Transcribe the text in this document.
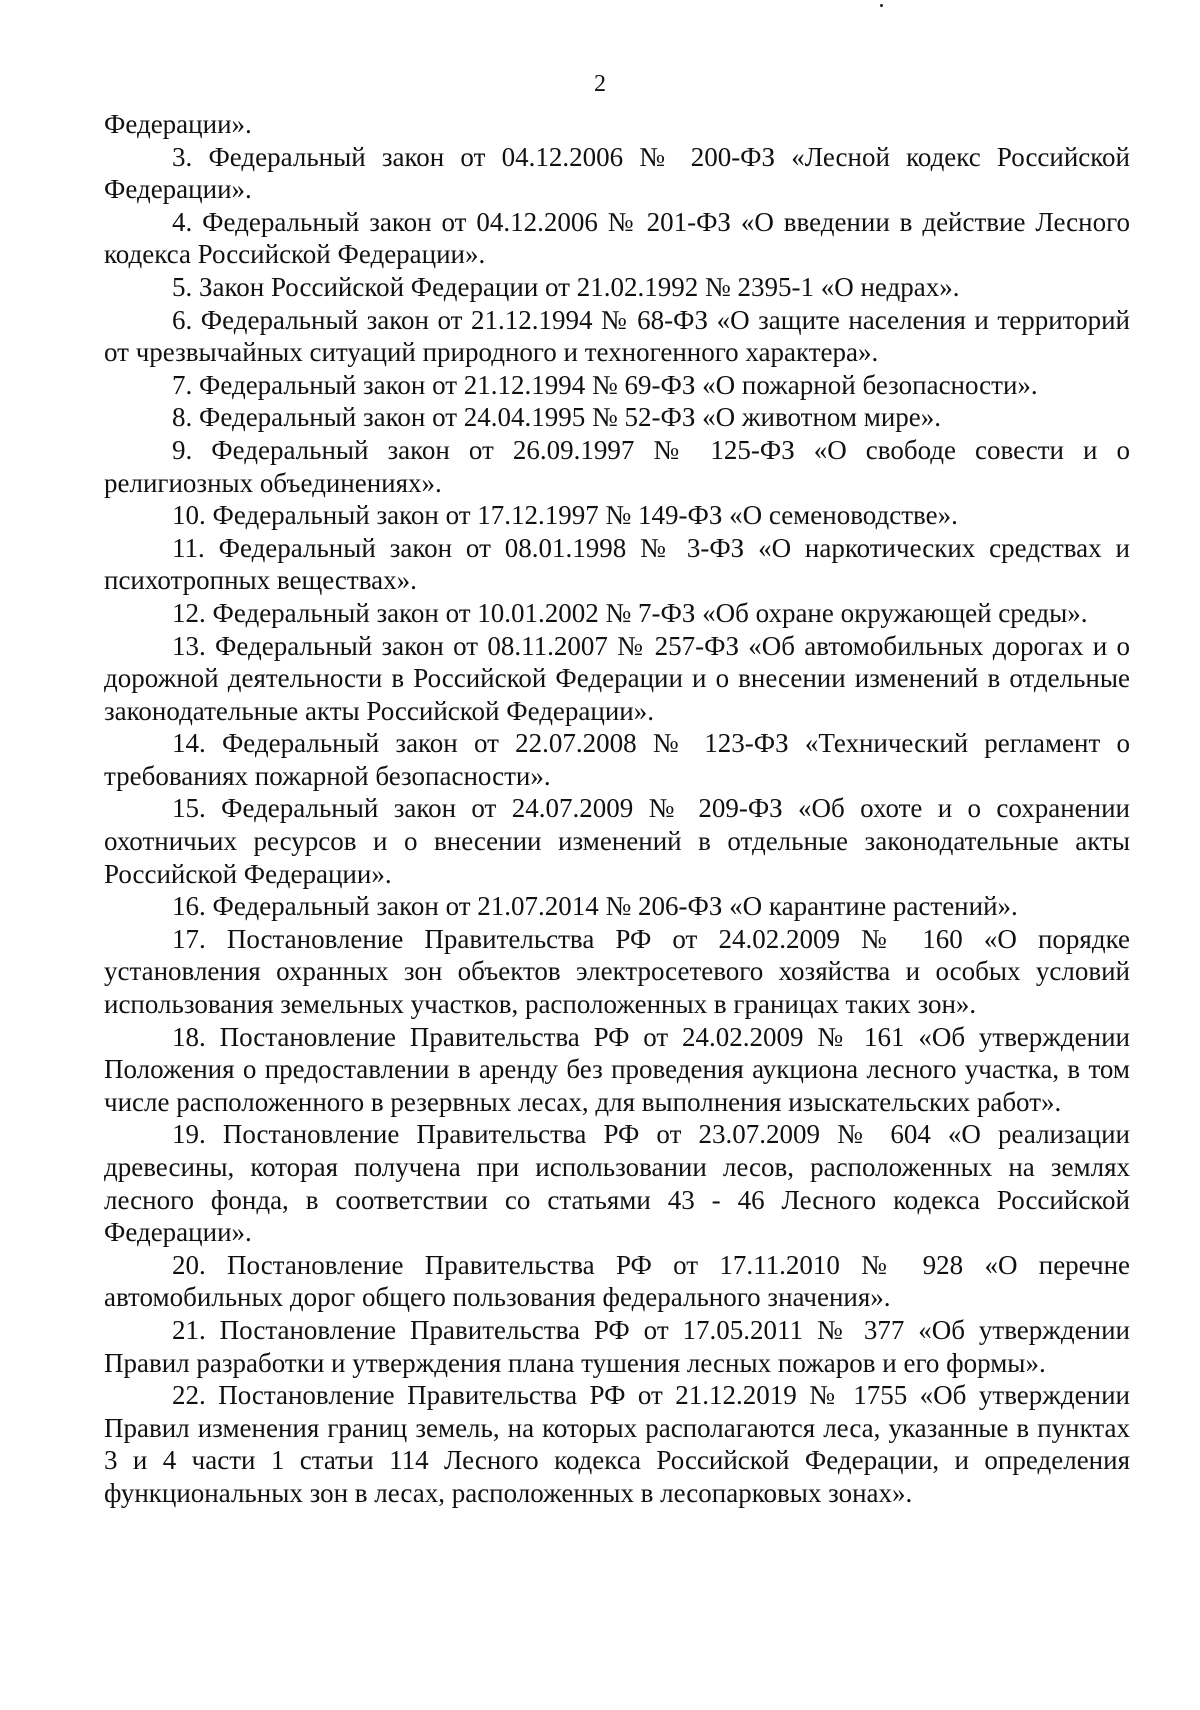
2

Федерации».

3. Федеральный закон от 04.12.2006 № 200-ФЗ «Лесной кодекс Российской Федерации».

4. Федеральный закон от 04.12.2006 № 201-ФЗ «О введении в действие Лесного кодекса Российской Федерации».

5. Закон Российской Федерации от 21.02.1992 № 2395-1 «О недрах».

6. Федеральный закон от 21.12.1994 № 68-ФЗ «О защите населения и территорий от чрезвычайных ситуаций природного и техногенного характера».

7. Федеральный закон от 21.12.1994 № 69-ФЗ «О пожарной безопасности».

8. Федеральный закон от 24.04.1995 № 52-ФЗ «О животном мире».

9. Федеральный закон от 26.09.1997 № 125-ФЗ «О свободе совести и о религиозных объединениях».

10. Федеральный закон от 17.12.1997 № 149-ФЗ «О семеноводстве».

11. Федеральный закон от 08.01.1998 № 3-ФЗ «О наркотических средствах и психотропных веществах».

12. Федеральный закон от 10.01.2002 № 7-ФЗ «Об охране окружающей среды».

13. Федеральный закон от 08.11.2007 № 257-ФЗ «Об автомобильных дорогах и о дорожной деятельности в Российской Федерации и о внесении изменений в отдельные законодательные акты Российской Федерации».

14. Федеральный закон от 22.07.2008 № 123-ФЗ «Технический регламент о требованиях пожарной безопасности».

15. Федеральный закон от 24.07.2009 № 209-ФЗ «Об охоте и о сохранении охотничьих ресурсов и о внесении изменений в отдельные законодательные акты Российской Федерации».

16. Федеральный закон от 21.07.2014 № 206-ФЗ «О карантине растений».

17. Постановление Правительства РФ от 24.02.2009 № 160 «О порядке установления охранных зон объектов электросетевого хозяйства и особых условий использования земельных участков, расположенных в границах таких зон».

18. Постановление Правительства РФ от 24.02.2009 № 161 «Об утверждении Положения о предоставлении в аренду без проведения аукциона лесного участка, в том числе расположенного в резервных лесах, для выполнения изыскательских работ».

19. Постановление Правительства РФ от 23.07.2009 № 604 «О реализации древесины, которая получена при использовании лесов, расположенных на землях лесного фонда, в соответствии со статьями 43 - 46 Лесного кодекса Российской Федерации».

20. Постановление Правительства РФ от 17.11.2010 № 928 «О перечне автомобильных дорог общего пользования федерального значения».

21. Постановление Правительства РФ от 17.05.2011 № 377 «Об утверждении Правил разработки и утверждения плана тушения лесных пожаров и его формы».

22. Постановление Правительства РФ от 21.12.2019 № 1755 «Об утверждении Правил изменения границ земель, на которых располагаются леса, указанные в пунктах 3 и 4 части 1 статьи 114 Лесного кодекса Российской Федерации, и определения функциональных зон в лесах, расположенных в лесопарковых зонах».
